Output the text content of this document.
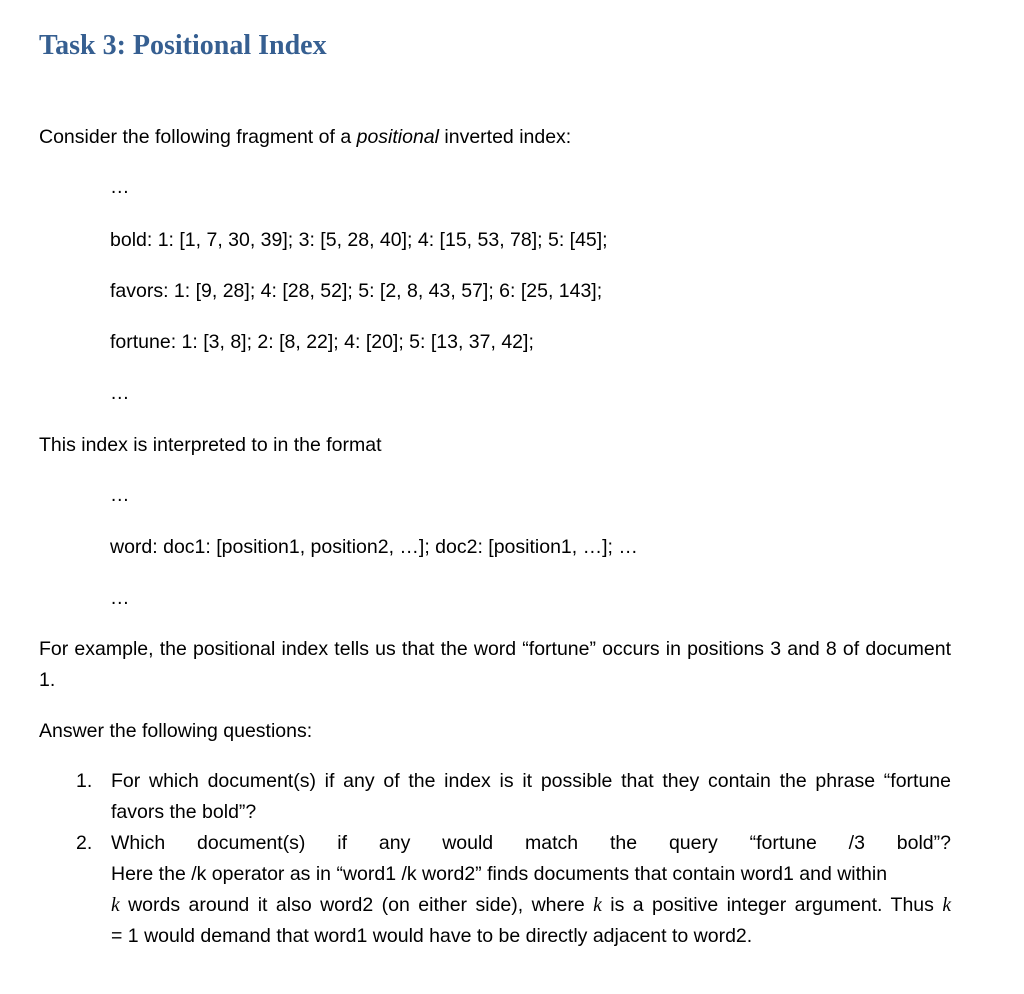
Task 3: Positional Index

Consider the following fragment of a positional inverted index:

…

bold: 1: [1, 7, 30, 39]; 3: [5, 28, 40]; 4: [15, 53, 78]; 5: [45];

favors: 1: [9, 28]; 4: [28, 52]; 5: [2, 8, 43, 57]; 6: [25, 143];

fortune: 1: [3, 8]; 2: [8, 22]; 4: [20]; 5: [13, 37, 42];

…

This index is interpreted to in the format

…

word: doc1: [position1, position2, …]; doc2: [position1, …]; …

…

For example, the positional index tells us that the word “fortune” occurs in positions 3 and 8 of document 1.

Answer the following questions:

1. For which document(s) if any of the index is it possible that they contain the phrase “fortune favors the bold”?
2. Which document(s) if any would match the query “fortune /3 bold”?
Here the /k operator as in “word1 /k word2” finds documents that contain word1 and within
k words around it also word2 (on either side), where k is a positive integer argument. Thus k
= 1 would demand that word1 would have to be directly adjacent to word2.
